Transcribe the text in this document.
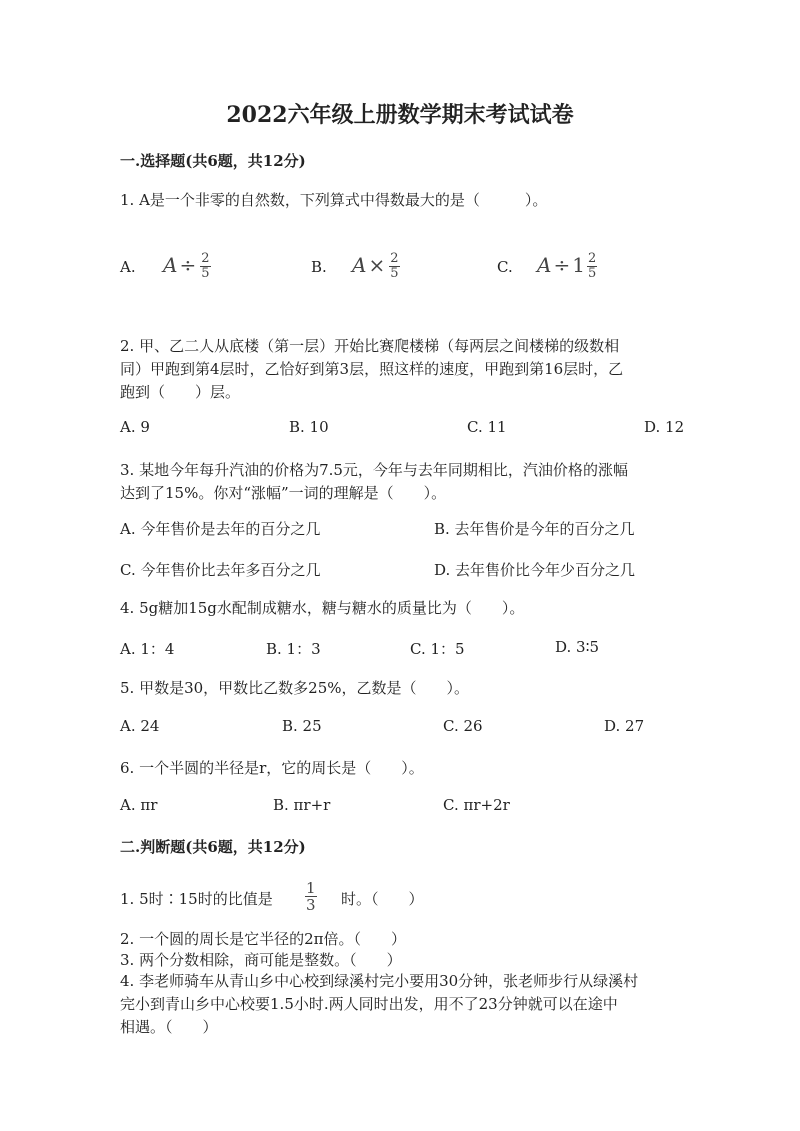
2022六年级上册数学期末考试试卷
一.选择题(共6题，共12分)
1. A是一个非零的自然数，下列算式中得数最大的是（　　　）。
A. $A \div \frac{2}{5}$	B. $A \times \frac{2}{5}$	C. $A \div 1 \frac{2}{5}$
2. 甲、乙二人从底楼（第一层）开始比赛爬楼梯（每两层之间楼梯的级数相
同）甲跑到第4层时，乙恰好到第3层，照这样的速度，甲跑到第16层时，乙
跑到（　　）层。
A. 9	B. 10	C. 11	D. 12
3. 某地今年每升汽油的价格为7.5元，今年与去年同期相比，汽油价格的涨幅
达到了15%。你对“涨幅”一词的理解是（　　）。
A. 今年售价是去年的百分之几	B. 去年售价是今年的百分之几
C. 今年售价比去年多百分之几	D. 去年售价比今年少百分之几
4. 5g糖加15g水配制成糖水，糖与糖水的质量比为（　　）。
A. 1：4	B. 1：3	C. 1：5	D. 3∶5
5. 甲数是30，甲数比乙数多25%，乙数是（　　）。
A. 24	B. 25	C. 26	D. 27
6. 一个半圆的半径是r，它的周长是（　　）。
A. πr	B. πr+r	C. πr+2r
二.判断题(共6题，共12分)
1. 5时∶15时的比值是 $\frac{1}{3}$ 时。（　　）
2. 一个圆的周长是它半径的2π倍。（　　）
3. 两个分数相除，商可能是整数。（　　）
4. 李老师骑车从青山乡中心校到绿溪村完小要用30分钟，张老师步行从绿溪村
完小到青山乡中心校要1.5小时.两人同时出发，用不了23分钟就可以在途中
相遇。（　　）
